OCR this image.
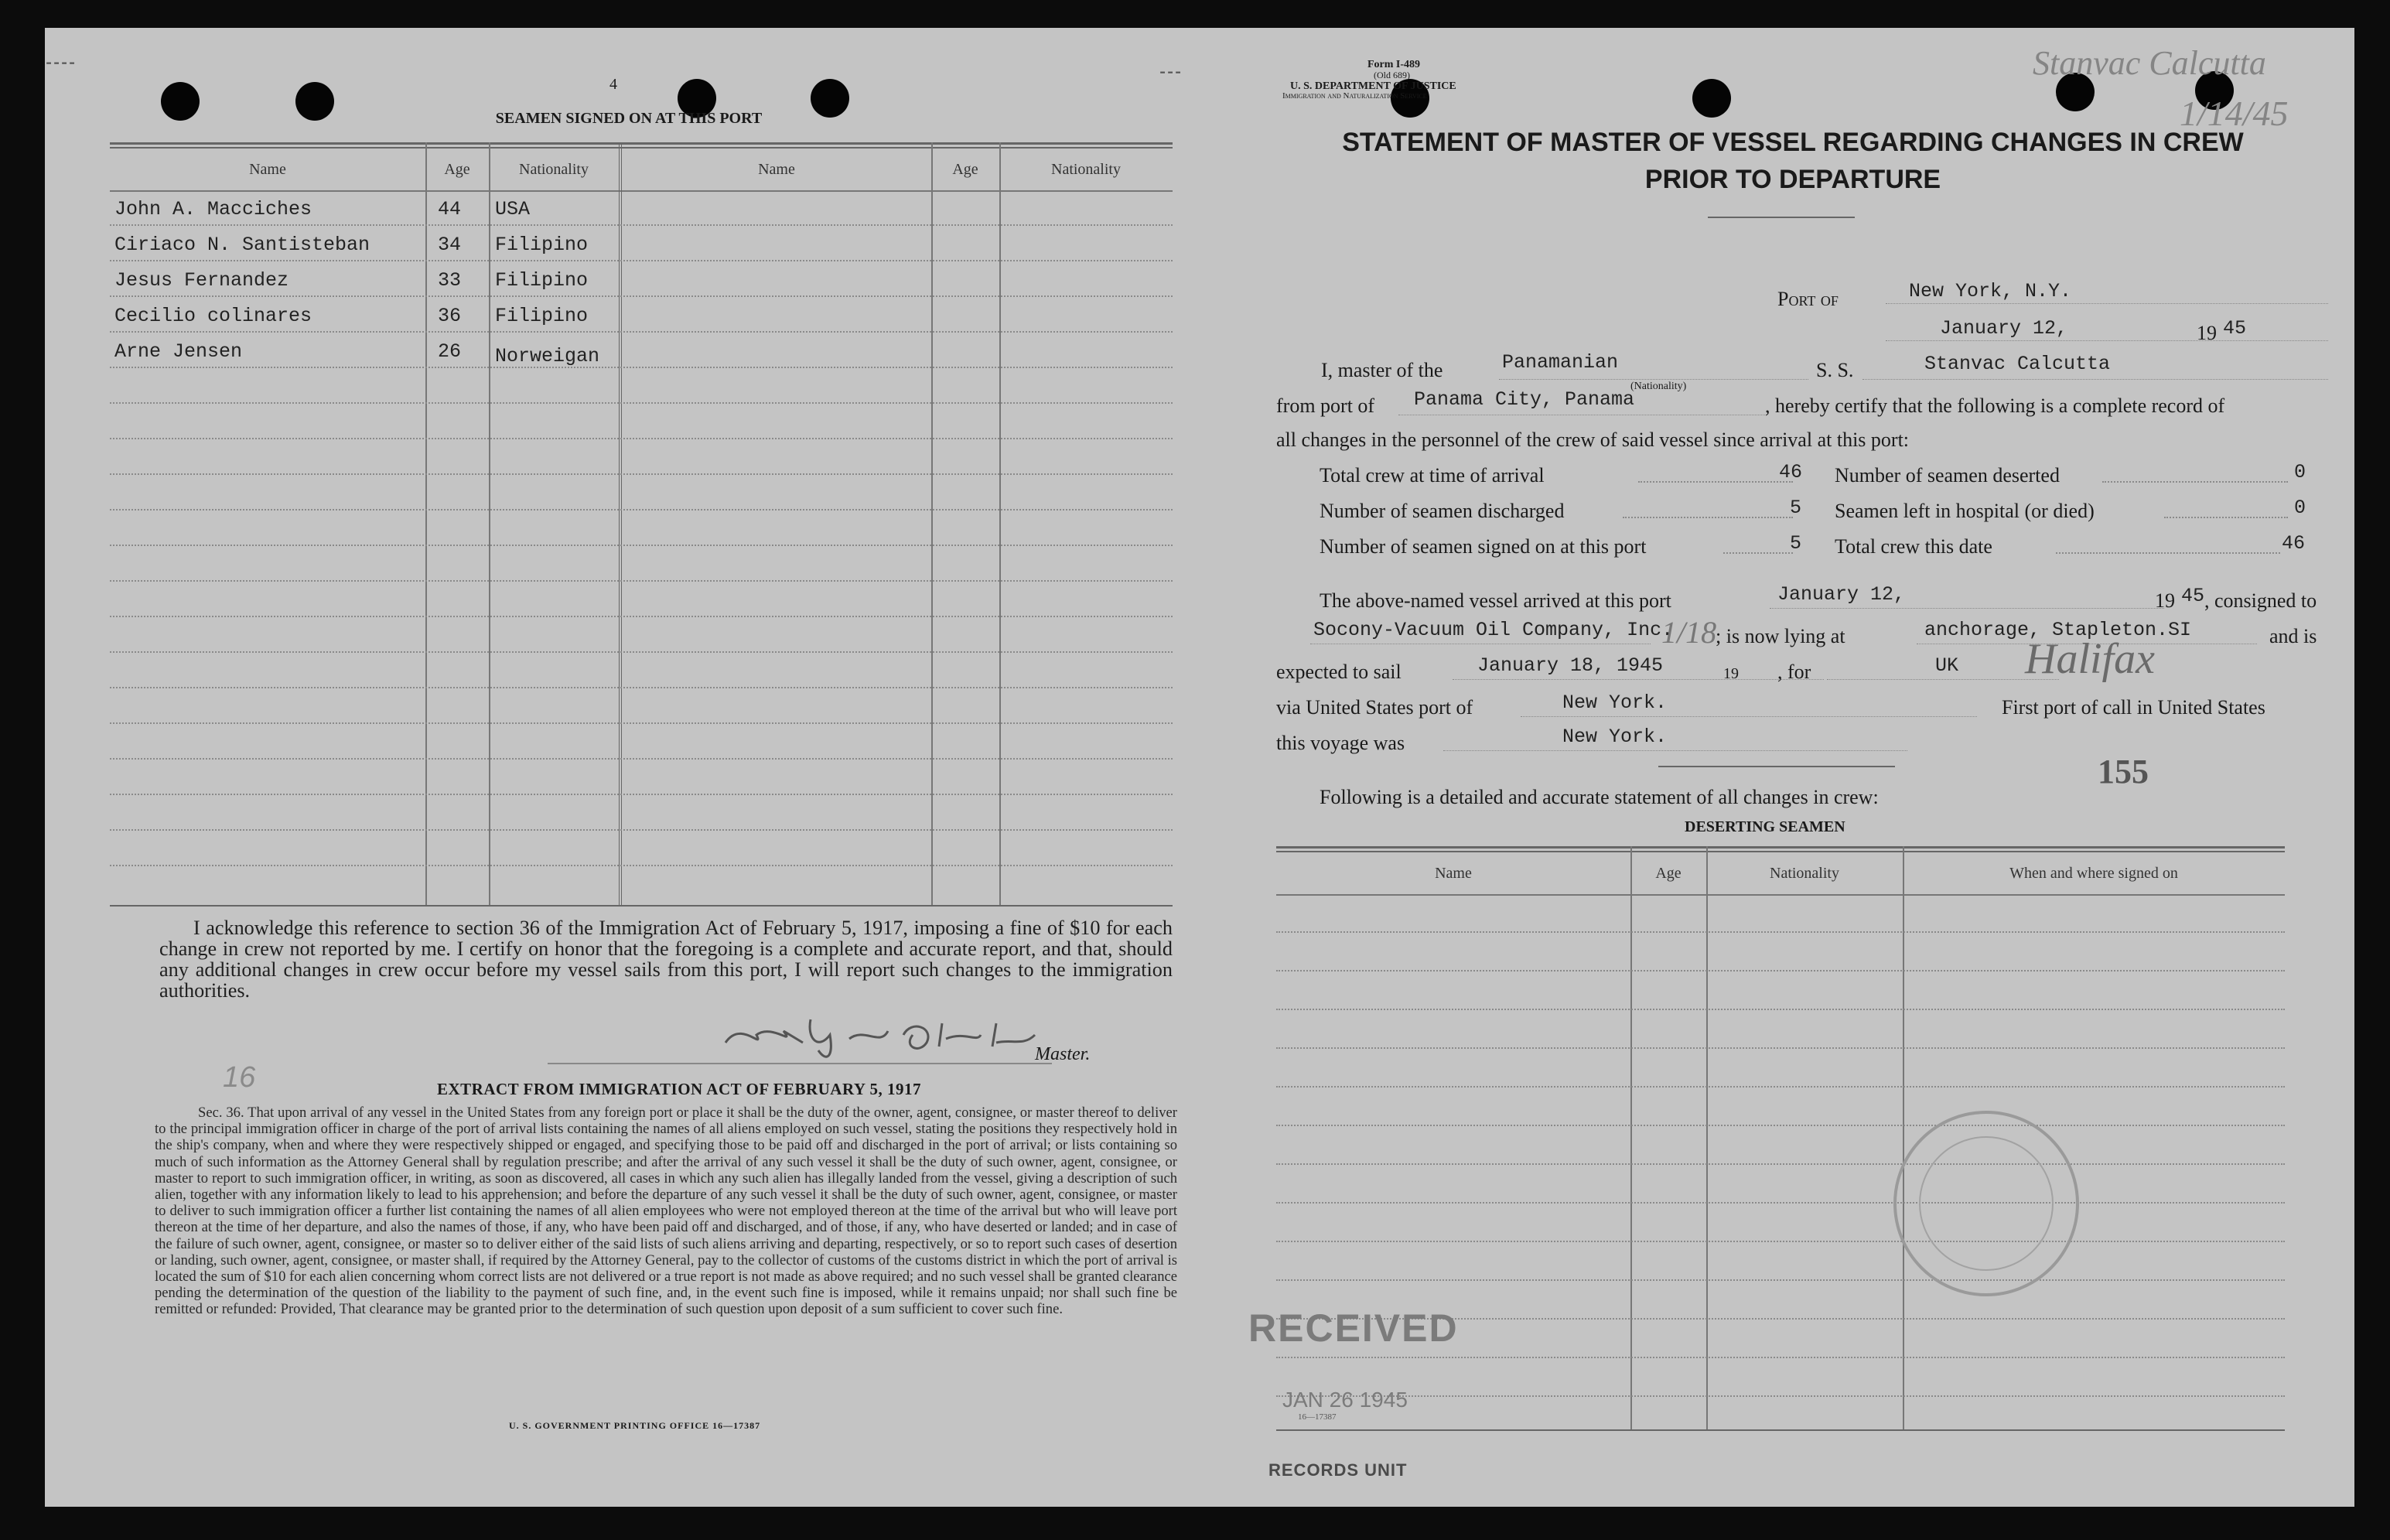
4
SEAMEN SIGNED ON AT THIS PORT
Name	Age	Nationality	Name	Age	Nationality
John A. Macciches	44 USA
Ciriaco N. Santisteban	34 Filipino
Jesus Fernandez	33 Filipino
Cecilio colinares	36 Filipino
Arne Jensen	26 Norweigan
I acknowledge this reference to section 36 of the Immigration Act of February 5, 1917, imposing a fine of $10 for each change in crew not reported by me. I certify on honor that the foregoing is a complete and accurate report, and that, should any additional changes in crew occur before my vessel sails from this port, I will report such changes to the immigration authorities.
Master.
16	EXTRACT FROM IMMIGRATION ACT OF FEBRUARY 5, 1917
Sec. 36. That upon arrival of any vessel in the United States from any foreign port or place it shall be the duty of the owner, agent, consignee, or master thereof to deliver to the principal immigration officer in charge of the port of arrival lists containing the names of all aliens employed on such vessel, stating the positions they respectively hold in the ship's company, when and where they were respectively shipped or engaged, and specifying those to be paid off and discharged in the port of arrival; or lists containing so much of such information as the Attorney General shall by regulation prescribe; and after the arrival of any such vessel it shall be the duty of such owner, agent, consignee, or master to report to such immigration officer, in writing, as soon as discovered, all cases in which any such alien has illegally landed from the vessel, giving a description of such alien, together with any information likely to lead to his apprehension; and before the departure of any such vessel it shall be the duty of such owner, agent, consignee, or master to deliver to such immigration officer a further list containing the names of all alien employees who were not employed thereon at the time of the arrival but who will leave port thereon at the time of her departure, and also the names of those, if any, who have been paid off and discharged, and of those, if any, who have deserted or landed; and in case of the failure of such owner, agent, consignee, or master so to deliver either of the said lists of such aliens arriving and departing, respectively, or so to report such cases of desertion or landing, such owner, agent, consignee, or master shall, if required by the Attorney General, pay to the collector of customs of the customs district in which the port of arrival is located the sum of $10 for each alien concerning whom correct lists are not delivered or a true report is not made as above required; and no such vessel shall be granted clearance pending the determination of the question of the liability to the payment of such fine, and, in the event such fine is imposed, while it remains unpaid; nor shall such fine be remitted or refunded: Provided, That clearance may be granted prior to the determination of such question upon deposit of a sum sufficient to cover such fine.
U. S. GOVERNMENT PRINTING OFFICE 16—17387
⁃⁃⁃⁃
⁃⁃⁃
Form I-489
(Old 689)
U. S. DEPARTMENT OF JUSTICE
Immigration and Naturalization Service
Stanvac Calcutta
1/14/45
STATEMENT OF MASTER OF VESSEL REGARDING CHANGES IN CREW
PRIOR TO DEPARTURE
Port of	New York, N.Y.
January 12,	19 45
I, master of the	Panamanian	S. S.	Stanvac Calcutta
(Nationality)
from port of Panama City, Panama	, hereby certify that the following is a complete record of
all changes in the personnel of the crew of said vessel since arrival at this port:
Total crew at time of arrival	46
Number of seamen discharged	5
Number of seamen signed on at this port	5
Number of seamen deserted	0
Seamen left in hospital (or died)	0
Total crew this date	46
The above-named vessel arrived at this port	January 12,	19 45 , consigned to
Socony-Vacuum Oil Company, Inc.
1/18
; is now lying at	anchorage, Stapleton.SI	and is
expected to sail	January 18, 1945	19 , for	UK Halifax
via United States port of	New York.	First port of call in United States
this voyage was	New York.
155
Following is a detailed and accurate statement of all changes in crew:
DESERTING SEAMEN
Name	Age	Nationality	When and where signed on
RECEIVED
JAN 26 1945
16—17387
RECORDS UNIT
